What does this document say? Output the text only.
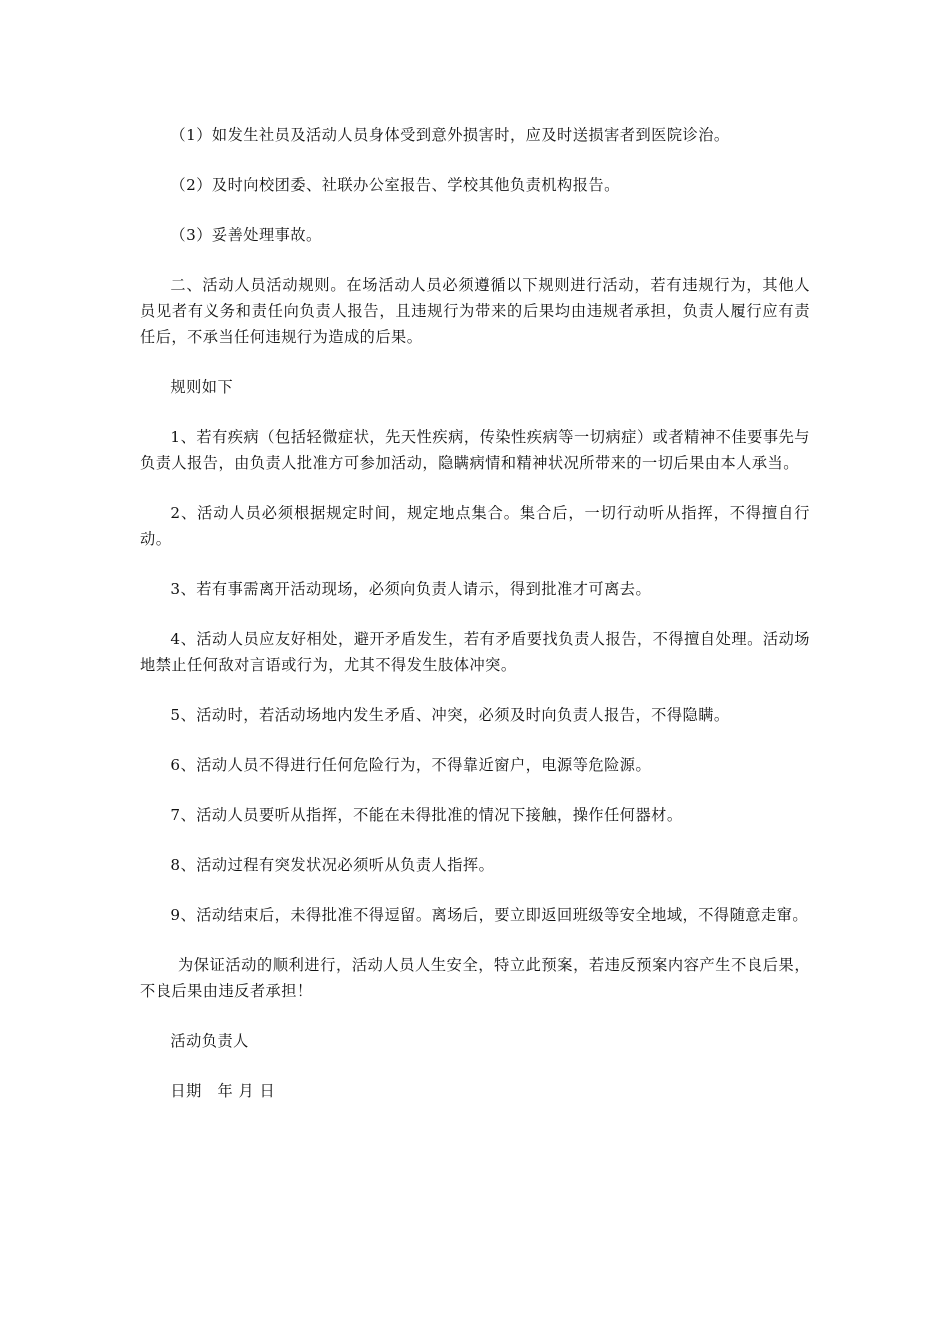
（1）如发生社员及活动人员身体受到意外损害时，应及时送损害者到医院诊治。

（2）及时向校团委、社联办公室报告、学校其他负责机构报告。

（3）妥善处理事故。

二、活动人员活动规则。在场活动人员必须遵循以下规则进行活动，若有违规行为，其他人员见者有义务和责任向负责人报告，且违规行为带来的后果均由违规者承担，负责人履行应有责任后，不承当任何违规行为造成的后果。

规则如下

1、若有疾病（包括轻微症状，先天性疾病，传染性疾病等一切病症）或者精神不佳要事先与负责人报告，由负责人批准方可参加活动，隐瞒病情和精神状况所带来的一切后果由本人承当。

2、活动人员必须根据规定时间，规定地点集合。集合后，一切行动听从指挥，不得擅自行动。

3、若有事需离开活动现场，必须向负责人请示，得到批准才可离去。

4、活动人员应友好相处，避开矛盾发生，若有矛盾要找负责人报告，不得擅自处理。活动场地禁止任何敌对言语或行为，尤其不得发生肢体冲突。

5、活动时，若活动场地内发生矛盾、冲突，必须及时向负责人报告，不得隐瞒。

6、活动人员不得进行任何危险行为，不得靠近窗户，电源等危险源。

7、活动人员要听从指挥，不能在未得批准的情况下接触，操作任何器材。

8、活动过程有突发状况必须听从负责人指挥。

9、活动结束后，未得批准不得逗留。离场后，要立即返回班级等安全地域，不得随意走窜。

为保证活动的顺利进行，活动人员人生安全，特立此预案，若违反预案内容产生不良后果，不良后果由违反者承担！

活动负责人

日期　年 月 日
